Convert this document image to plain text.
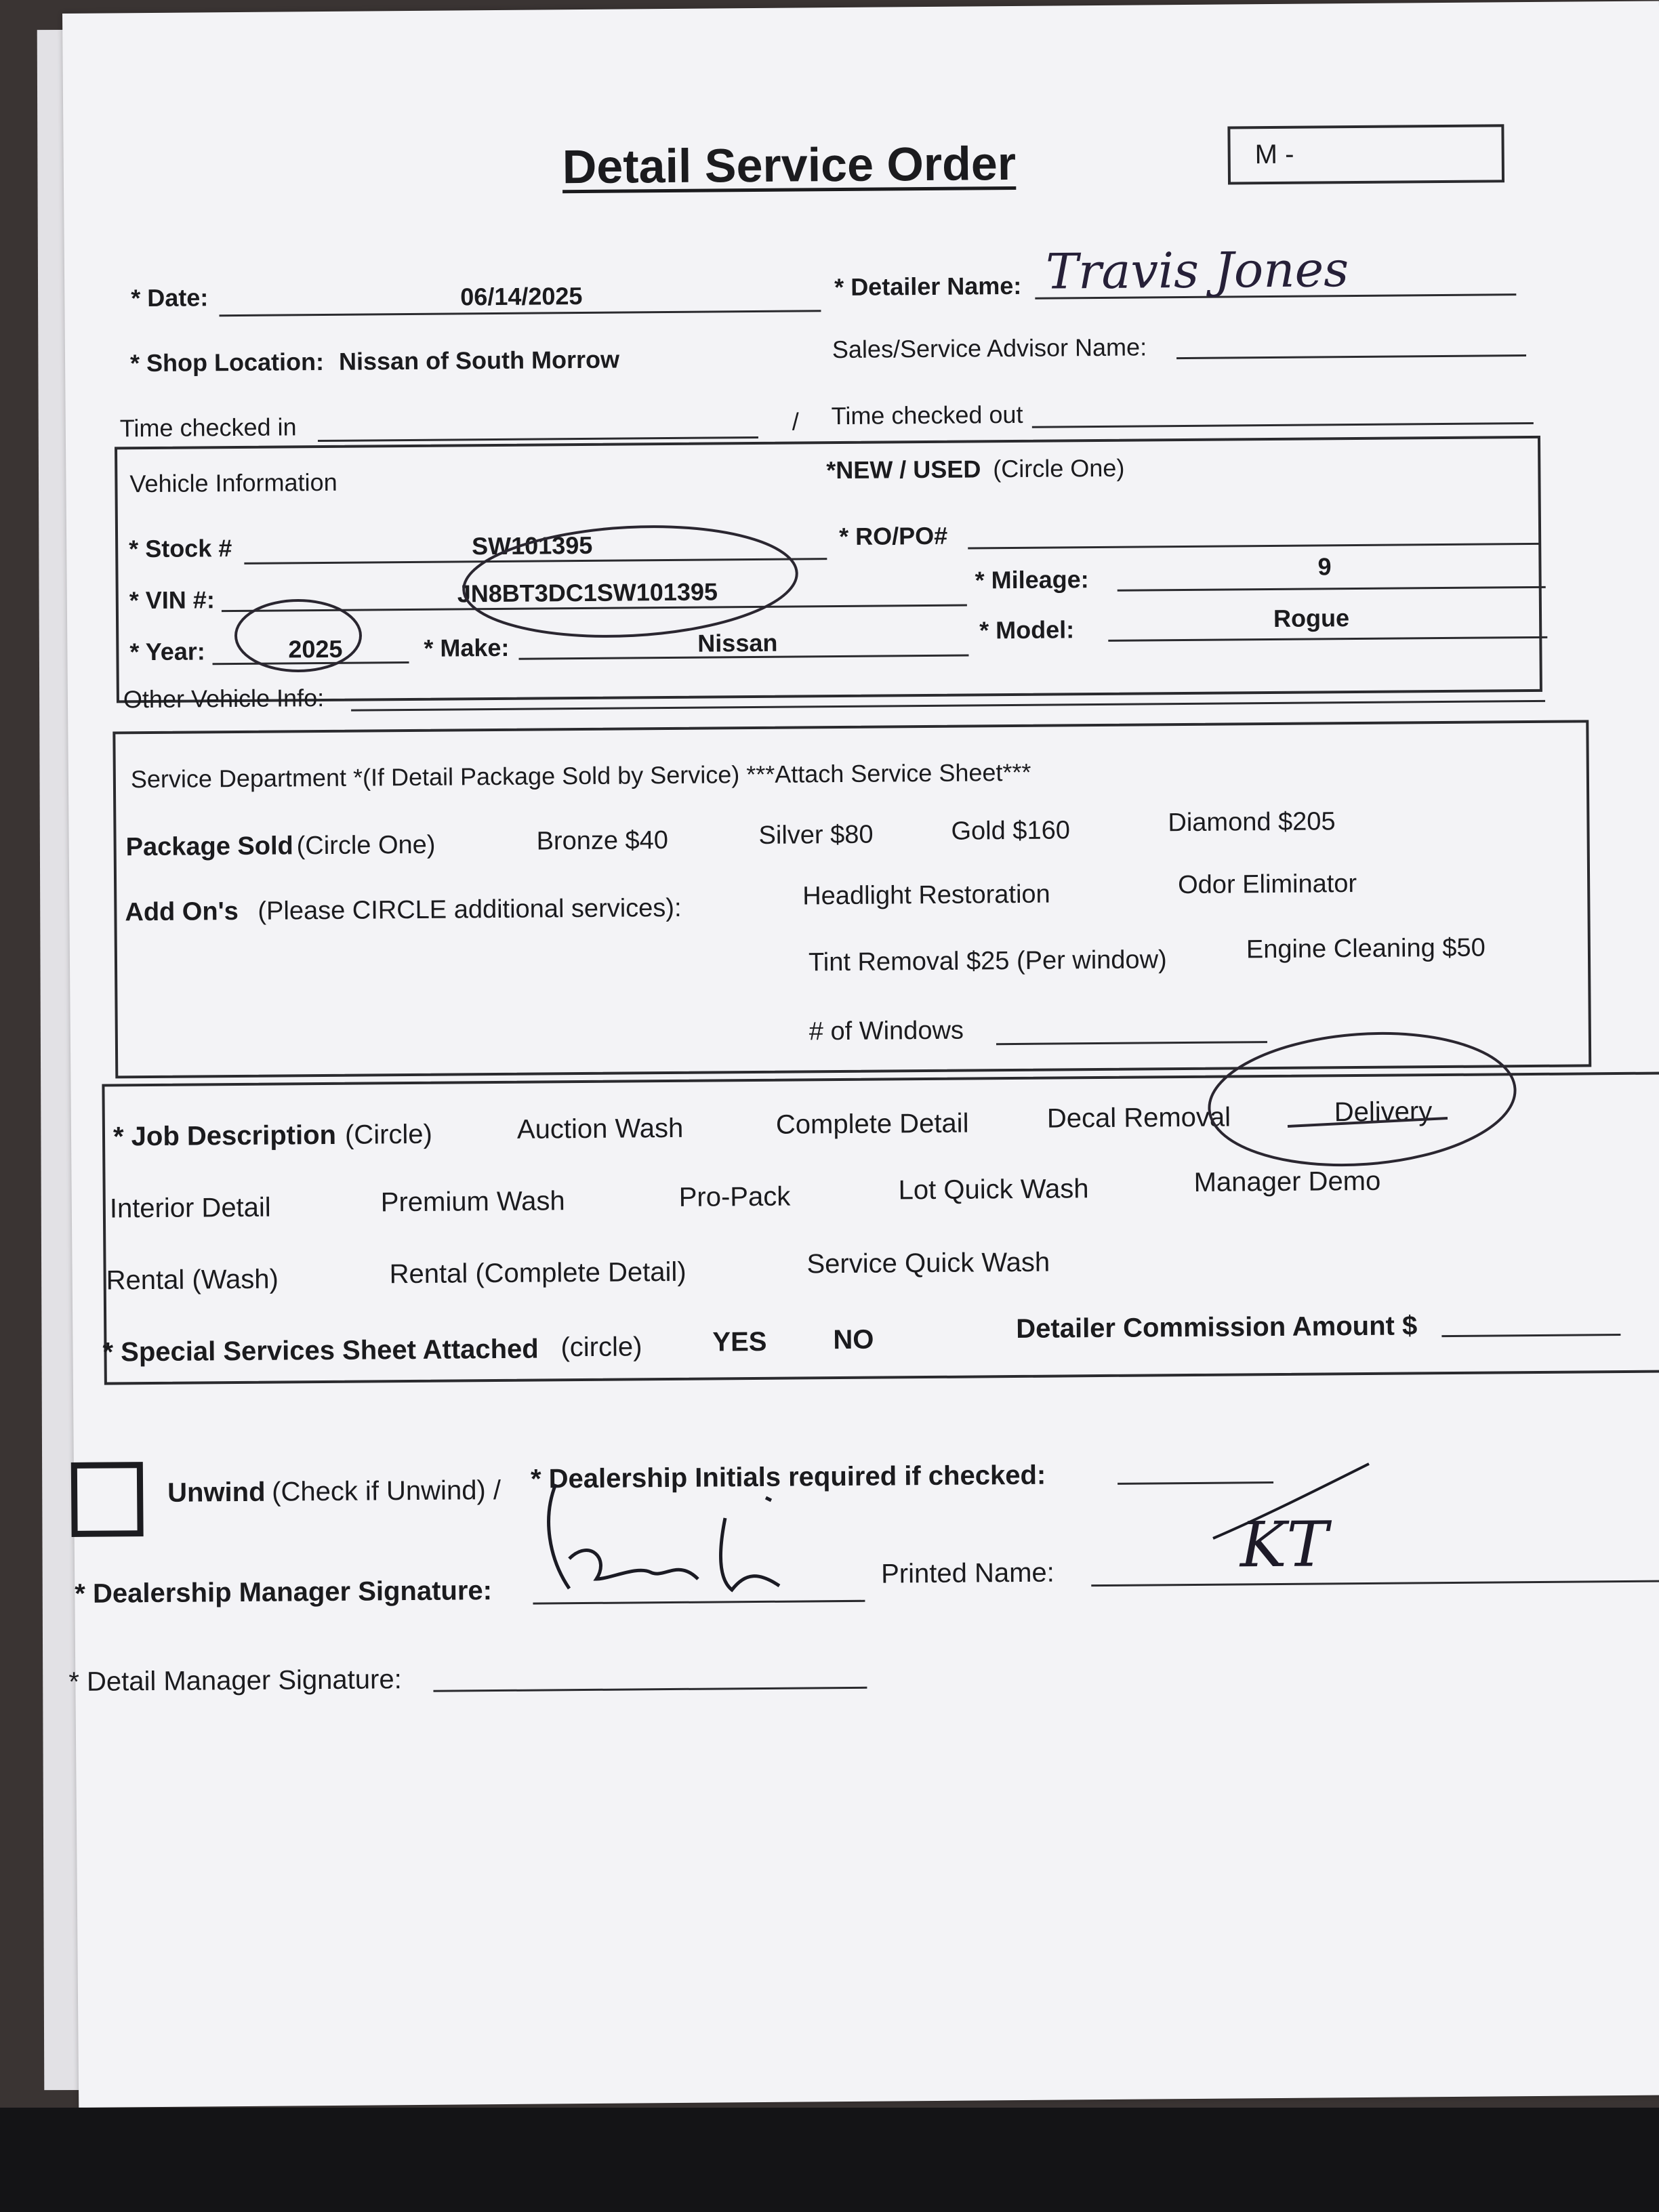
Detail Service Order	M -
* Date:	06/14/2025	* Detailer Name: Travis Jones
* Shop Location: Nissan of South Morrow	Sales/Service Advisor Name:
Time checked in	/ Time checked out
Vehicle Information	*NEW / USED (Circle One)
* Stock #	SW101395	* RO/PO#
* VIN #:	JN8BT3DC1SW101395	* Mileage:	9
* Year:	2025	* Make:	Nissan	* Model:	Rogue
Other Vehicle Info:
Service Department *(If Detail Package Sold by Service) ***Attach Service Sheet***
Package Sold (Circle One)	Bronze $40	Silver $80	Gold $160	Diamond $205
Add On's (Please CIRCLE additional services):	Headlight Restoration	Odor Eliminator
Tint Removal $25 (Per window)	Engine Cleaning $50
# of Windows
* Job Description (Circle)	Auction Wash	Complete Detail	Decal Removal	Delivery
Interior Detail	Premium Wash	Pro-Pack	Lot Quick Wash	Manager Demo
Rental (Wash)	Rental (Complete Detail)	Service Quick Wash
* Special Services Sheet Attached (circle)	YES NO	Detailer Commission Amount $
Unwind (Check if Unwind) / * Dealership Initials required if checked:
* Dealership Manager Signature:
Printed Name:	KT
* Detail Manager Signature:
